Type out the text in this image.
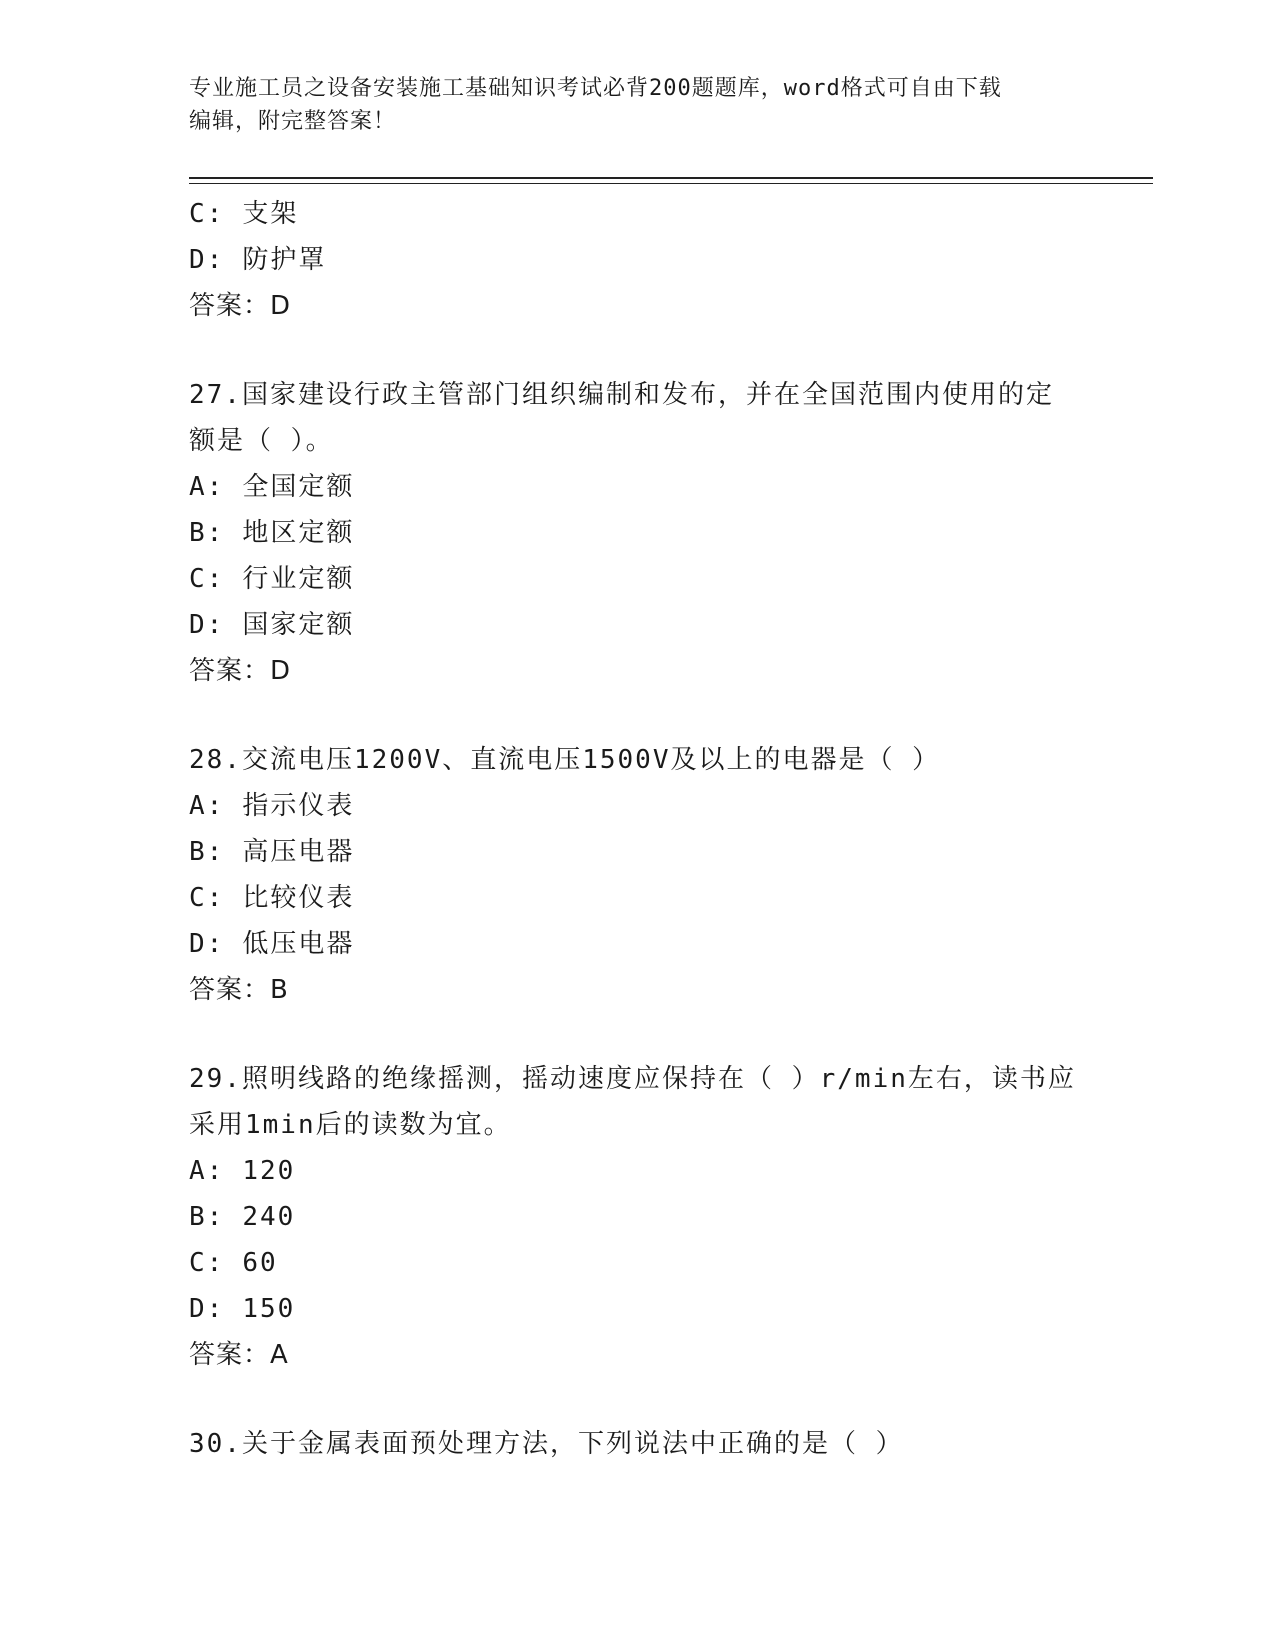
专业施工员之设备安装施工基础知识考试必背200题题库，word格式可自由下载
编辑，附完整答案！
C: 支架
D: 防护罩
答案：D
27.国家建设行政主管部门组织编制和发布，并在全国范围内使用的定
额是（ ）。
A: 全国定额
B: 地区定额
C: 行业定额
D: 国家定额
答案：D
28.交流电压1200V、直流电压1500V及以上的电器是（ ）
A: 指示仪表
B: 高压电器
C: 比较仪表
D: 低压电器
答案：B
29.照明线路的绝缘摇测，摇动速度应保持在（ ）r/min左右，读书应
采用1min后的读数为宜。
A: 120
B: 240
C: 60
D: 150
答案：A
30.关于金属表面预处理方法，下列说法中正确的是（ ）
